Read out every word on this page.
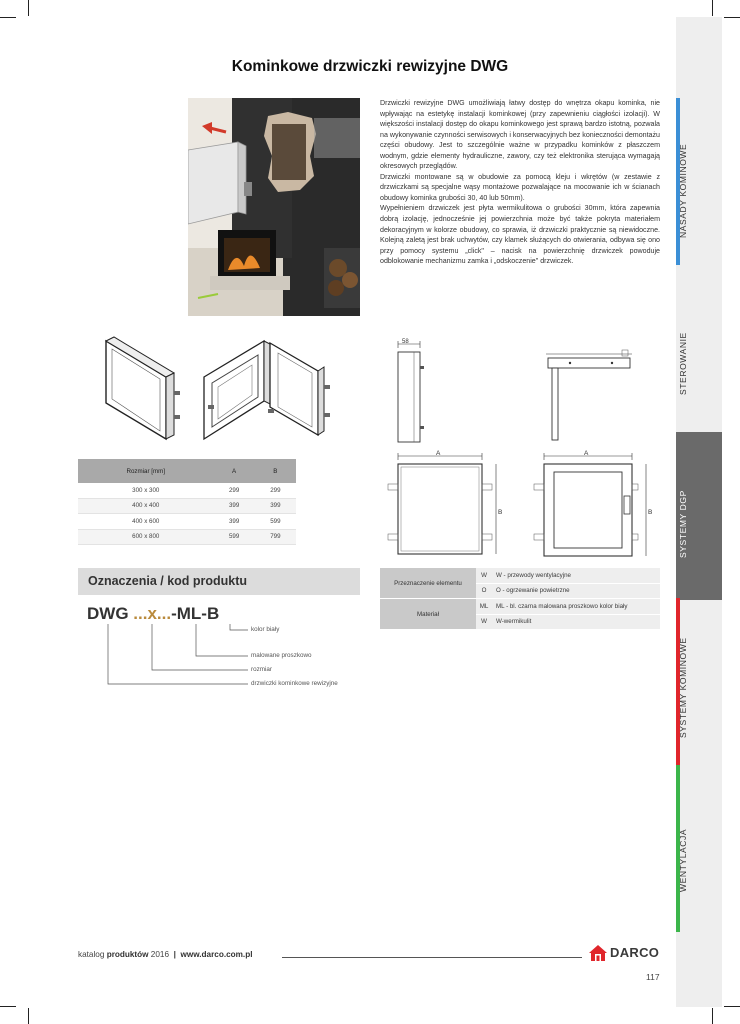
NASADY KOMINOWE
STEROWANIE
SYSTEMY DGP
SYSTEMY KOMINOWE
WENTYLACJA
Kominkowe drzwiczki rewizyjne DWG

Drzwiczki rewizyjne DWG umożliwiają łatwy dostęp do wnętrza okapu kominka, nie wpływając na estetykę instalacji kominkowej (przy zapewnieniu ciągłości izolacji). W większości instalacji dostęp do okapu kominkowego jest sprawą bardzo istotną, pozwala na wykonywanie czynności serwisowych i konserwacyjnych bez konieczności demontażu części obudowy. Jest to szczególnie ważne w przypadku kominków z płaszczem wodnym, gdzie elementy hydrauliczne, zawory, czy też elektronika sterująca wymagają okresowych przeglądów.

Drzwiczki montowane są w obudowie za pomocą kleju i wkrętów (w zestawie z drzwiczkami są specjalne wąsy montażowe pozwalające na mocowanie ich w ścianach obudowy kominka grubości 30, 40 lub 50mm).

Wypełnieniem drzwiczek jest płyta wermikulitowa o grubości 30mm, która zapewnia dobrą izolację, jednocześnie jej powierzchnia może być także pokryta materiałem dekoracyjnym w kolorze obudowy, co sprawia, iż drzwiczki praktycznie są niewidoczne. Kolejną zaletą jest brak uchwytów, czy klamek służących do otwierania, odbywa się ono przy pomocy systemu „click" – nacisk na powierzchnię drzwiczek powoduje odblokowanie mechanizmu zamka i „odskoczenie" drzwiczek.

Rozmiar [mm]	A	B
300 x 300	299	299
400 x 400	399	399
400 x 600	399	599
600 x 800	599	799
58
A
B
A
B
Oznaczenia / kod produktu
DWG ...x...-ML-B
kolor biały
malowane proszkowo
rozmiar
drzwiczki kominkowe rewizyjne
Przeznaczenie elementu	W	W - przewody wentylacyjne
	O	O - ogrzewanie powietrzne
Materiał	ML	ML - bl. czarna malowana proszkowo kolor biały
	W	W-wermikulit
katalog produktów 2016 | www.darco.com.pl	DARCO
117
